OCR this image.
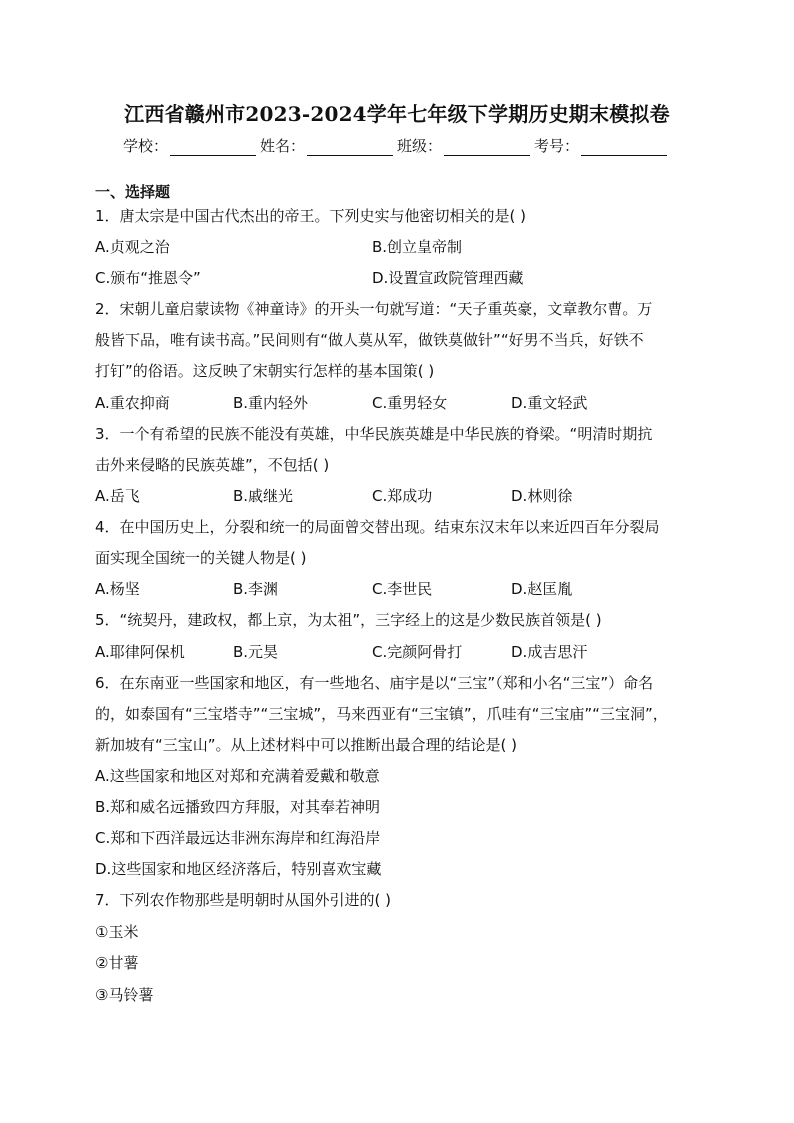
江西省赣州市2023-2024学年七年级下学期历史期末模拟卷
学校：	姓名：	班级：	考号：
一、选择题
1．唐太宗是中国古代杰出的帝王。下列史实与他密切相关的是( )
A.贞观之治	B.创立皇帝制
C.颁布“推恩令”	D.设置宣政院管理西藏
2．宋朝儿童启蒙读物《神童诗》的开头一句就写道：“天子重英豪，文章教尔曹。万
般皆下品，唯有读书高。”民间则有“做人莫从军，做铁莫做针”“好男不当兵，好铁不
打钉”的俗语。这反映了宋朝实行怎样的基本国策( )
A.重农抑商	B.重内轻外	C.重男轻女	D.重文轻武
3．一个有希望的民族不能没有英雄，中华民族英雄是中华民族的脊梁。“明清时期抗
击外来侵略的民族英雄”，不包括( )
A.岳飞	B.戚继光	C.郑成功	D.林则徐
4．在中国历史上，分裂和统一的局面曾交替出现。结束东汉末年以来近四百年分裂局
面实现全国统一的关键人物是( )
A.杨坚	B.李渊	C.李世民	D.赵匡胤
5．“统契丹，建政权，都上京，为太祖”，三字经上的这是少数民族首领是( )
A.耶律阿保机	B.元昊	C.完颜阿骨打	D.成吉思汗
6．在东南亚一些国家和地区，有一些地名、庙宇是以“三宝”（郑和小名“三宝”）命名
的，如泰国有“三宝塔寺”“三宝城”，马来西亚有“三宝镇”，爪哇有“三宝庙”“三宝洞”，
新加坡有“三宝山”。从上述材料中可以推断出最合理的结论是( )
A.这些国家和地区对郑和充满着爱戴和敬意
B.郑和威名远播致四方拜服，对其奉若神明
C.郑和下西洋最远达非洲东海岸和红海沿岸
D.这些国家和地区经济落后，特别喜欢宝藏
7．下列农作物那些是明朝时从国外引进的( )
①玉米
②甘薯
③马铃薯
